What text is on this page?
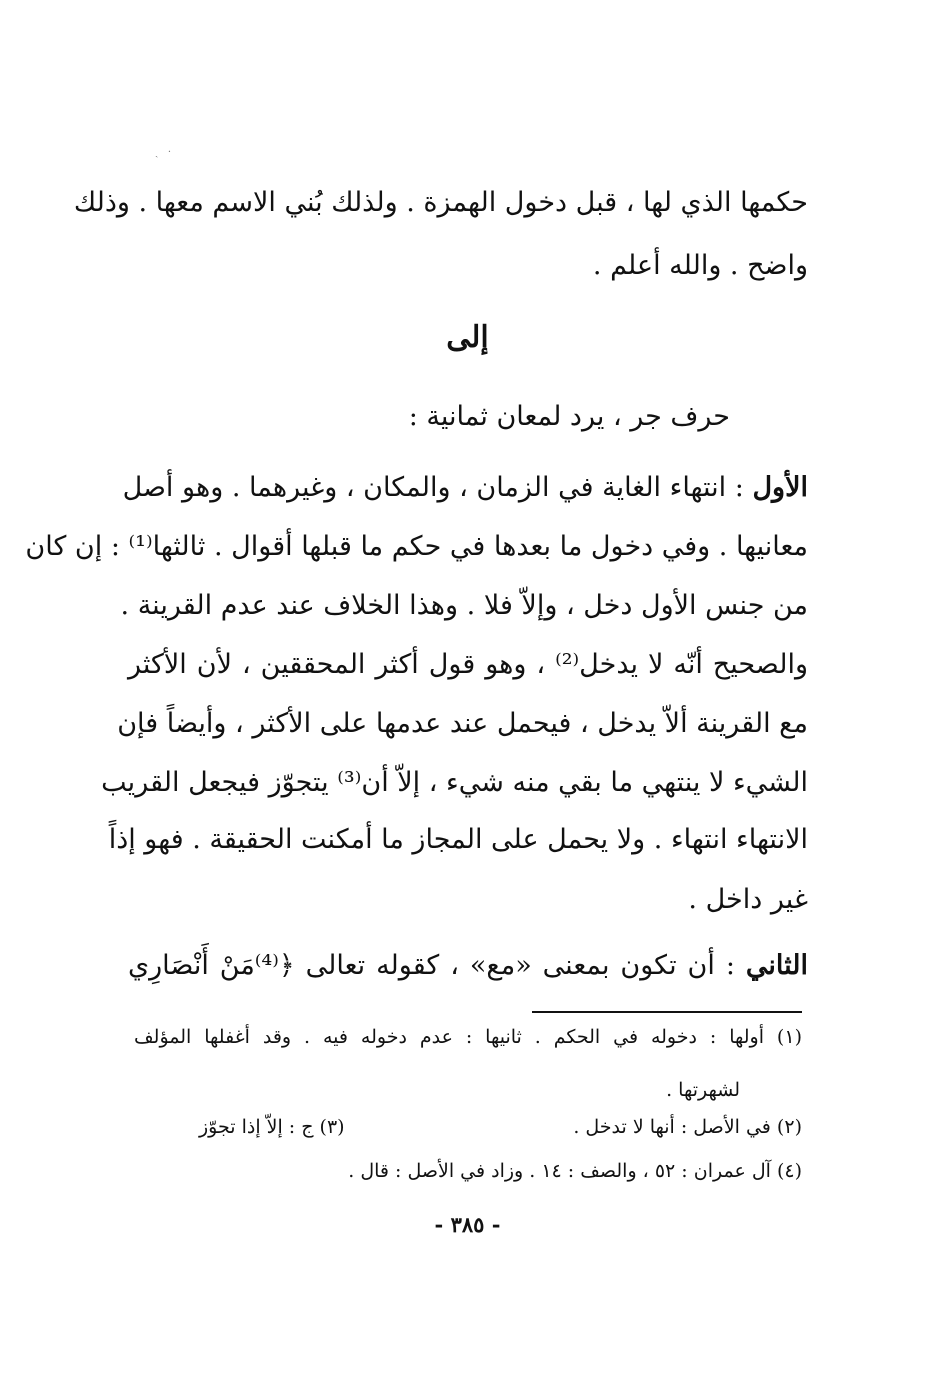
·   ˏ
حكمها الذي لها ، قبل دخول الهمزة . ولذلك بُني الاسم معها . وذلك
واضح . والله أعلم .
إلى
حرف جر ، يرد لمعان ثمانية :
الأول : انتهاء الغاية في الزمان ، والمكان ، وغيرهما . وهو أصل
معانيها . وفي دخول ما بعدها في حكم ما قبلها أقوال . ثالثها⁽¹⁾ : إن كان
من جنس الأول دخل ، وإلاّ فلا . وهذا الخلاف عند عدم القرينة .
والصحيح أنّه لا يدخل⁽²⁾ ، وهو قول أكثر المحققين ، لأن الأكثر
مع القرينة ألاّ يدخل ، فيحمل عند عدمها على الأكثر ، وأيضاً فإن
الشيء لا ينتهي ما بقي منه شيء ، إلاّ أن⁽³⁾ يتجوّز فيجعل القريب
الانتهاء انتهاء . ولا يحمل على المجاز ما أمكنت الحقيقة . فهو إذاً
غير داخل .
الثاني : أن تكون بمعنى «مع» ، كقوله تعالى ﴿⁽⁴⁾مَنْ أَنْصَارِي
(١) أولها : دخوله في الحكم . ثانيها : عدم دخوله فيه . وقد أغفلها المؤلف
لشهرتها .
(٢) في الأصل : أنها لا تدخل .
(٣) ج : إلاّ إذا تجوّز
(٤) آل عمران : ٥٢ ، والصف : ١٤ . وزاد في الأصل : قال .
- ٣٨٥ -
